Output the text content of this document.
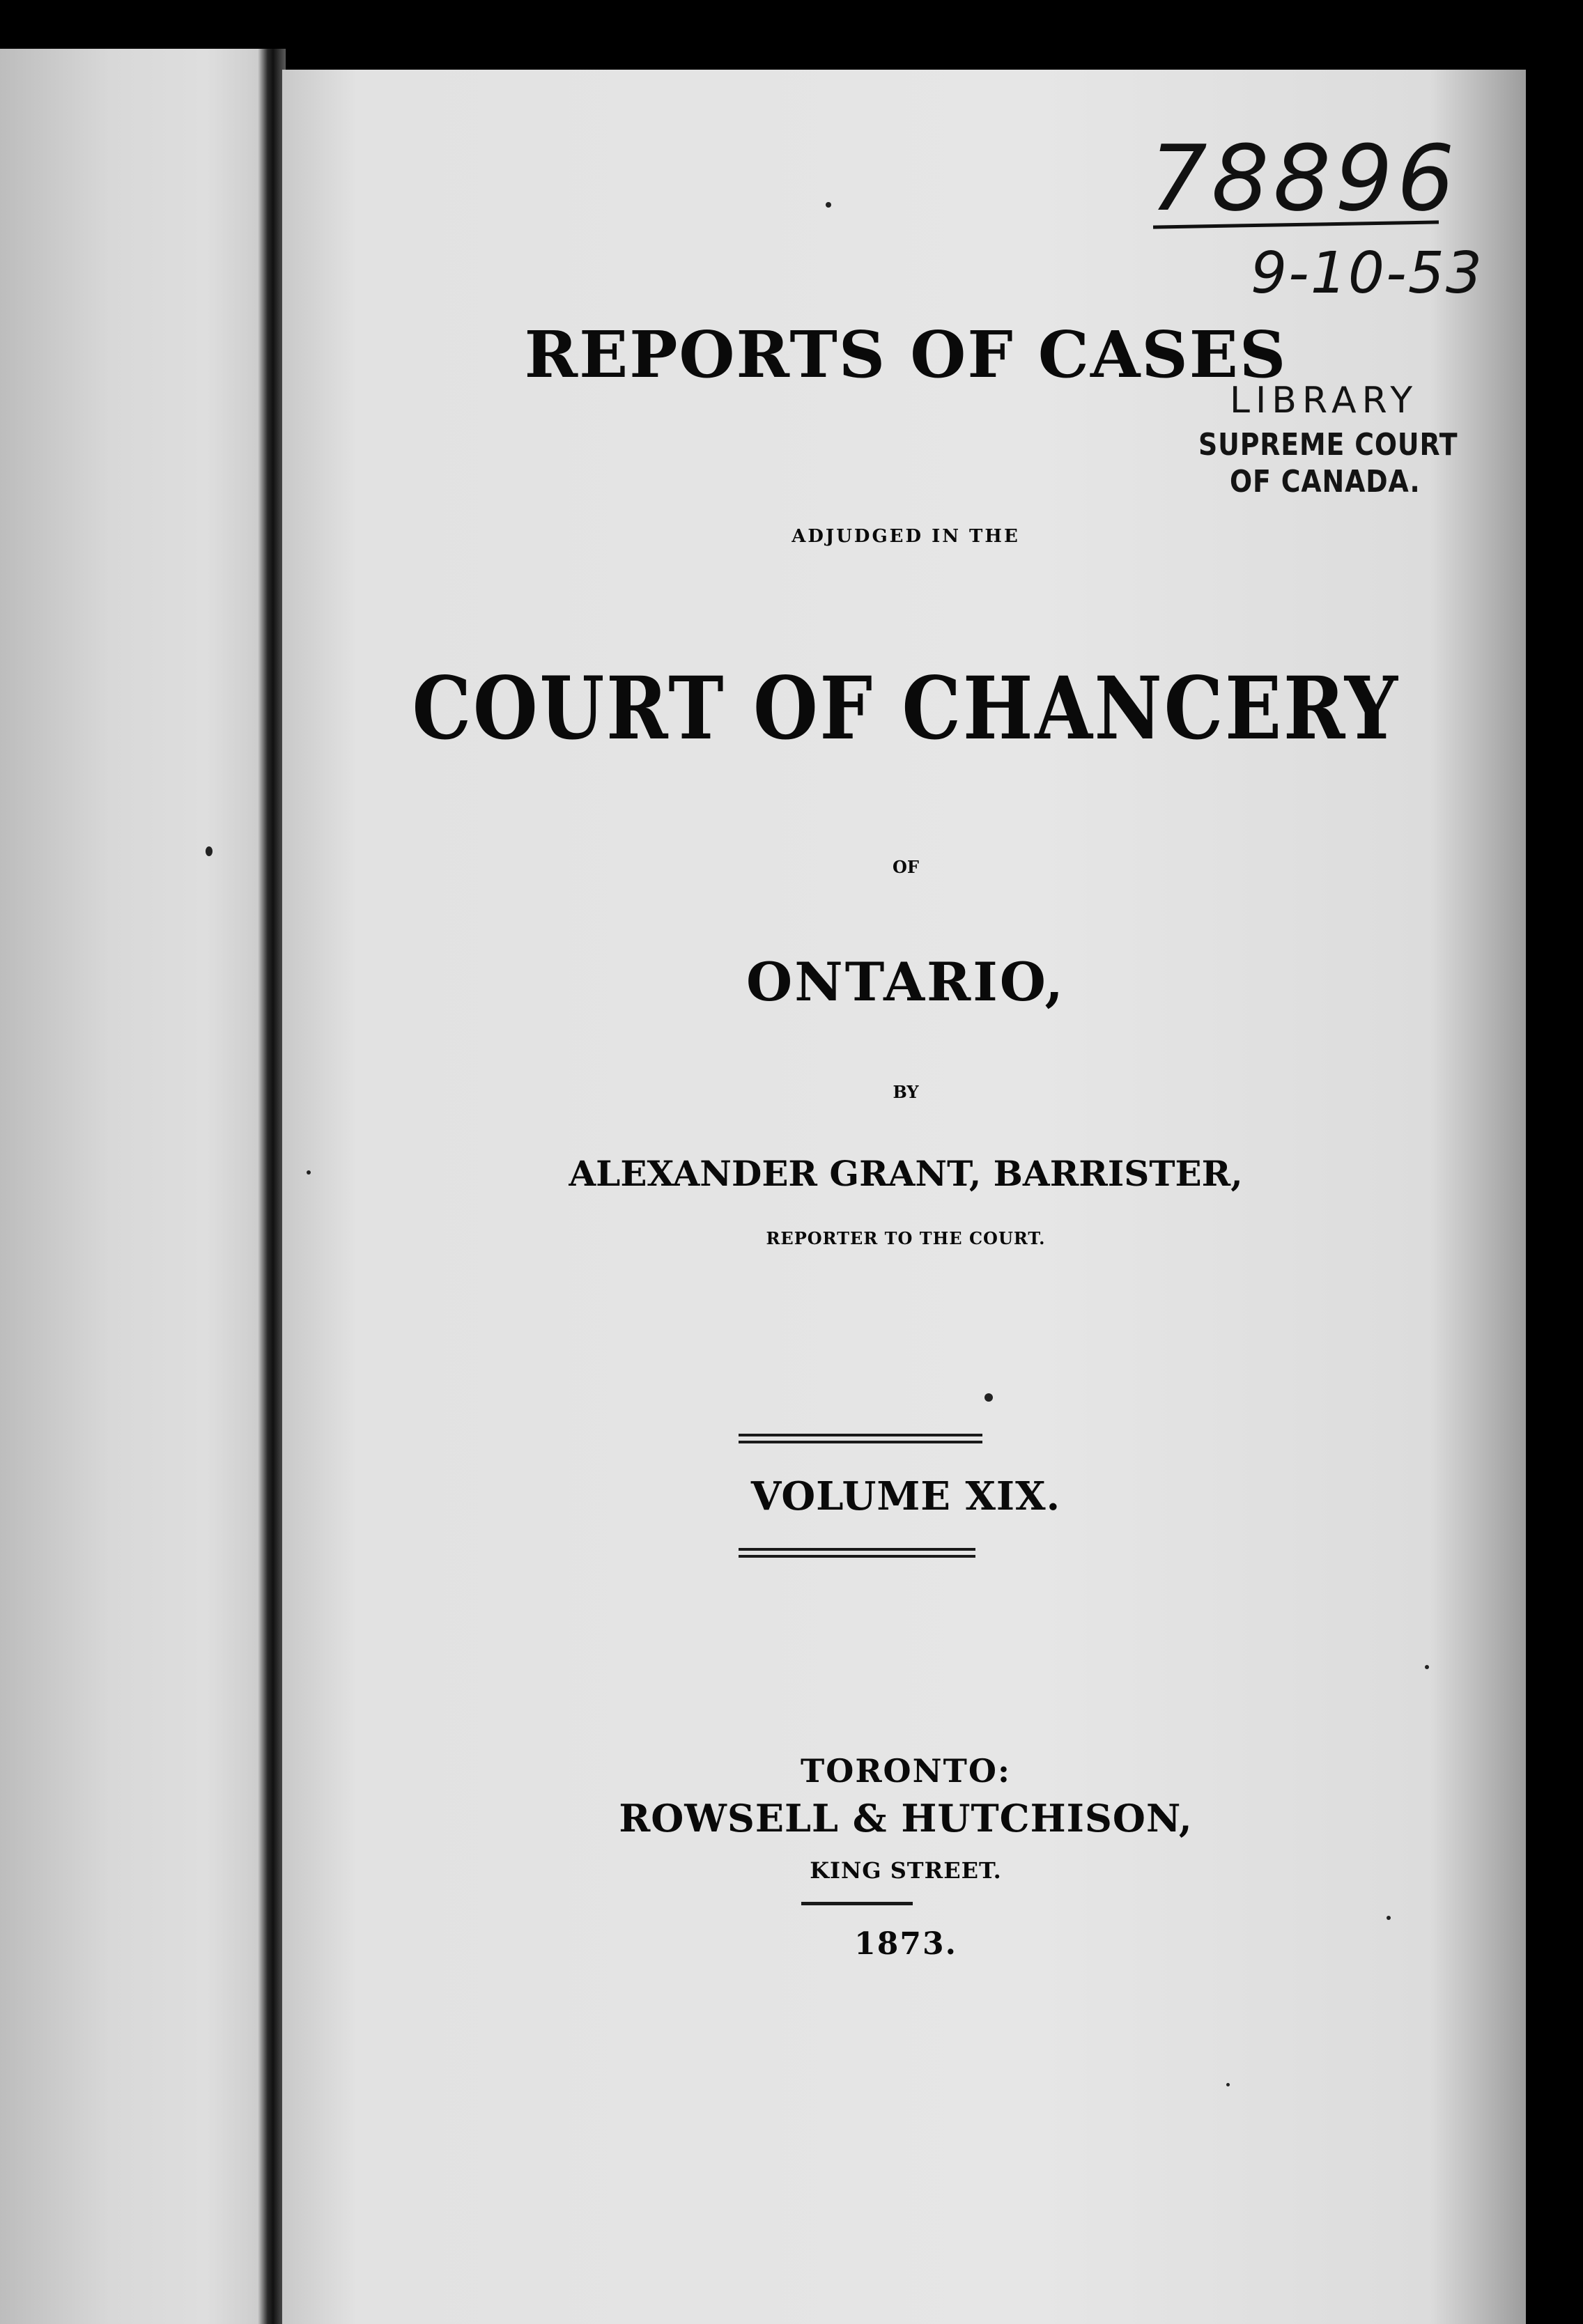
78896

9-10-53

LIBRARY
SUPREME COURT
OF CANADA.

REPORTS OF CASES

ADJUDGED IN THE

COURT OF CHANCERY

OF

ONTARIO,

BY

ALEXANDER GRANT, BARRISTER,

REPORTER TO THE COURT.

VOLUME XIX.

TORONTO:

ROWSELL & HUTCHISON,

KING STREET.

1873.
